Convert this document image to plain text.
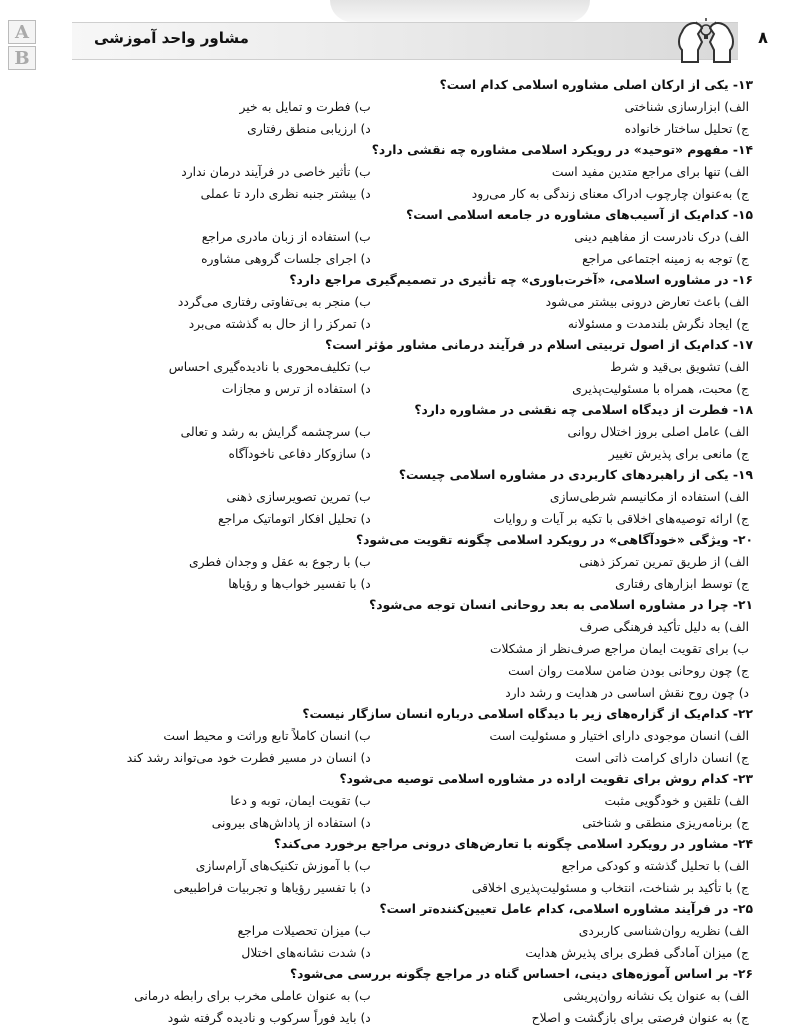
A
B
مشاور واحد آموزشی	۸
۱۳- یکی از ارکان اصلی مشاوره اسلامی کدام است؟
الف) ابزارسازی شناختی
ب) فطرت و تمایل به خیر
ج) تحلیل ساختار خانواده
د) ارزیابی منطق رفتاری
۱۴- مفهوم «توحید» در رویکرد اسلامی مشاوره چه نقشی دارد؟
الف) تنها برای مراجع متدین مفید است
ب) تأثیر خاصی در فرآیند درمان ندارد
ج) به‌عنوان چارچوب ادراک معنای زندگی به کار می‌رود
د) بیشتر جنبه نظری دارد تا عملی
۱۵- کدام‌یک از آسیب‌های مشاوره در جامعه اسلامی است؟
الف) درک نادرست از مفاهیم دینی
ب) استفاده از زبان مادری مراجع
ج) توجه به زمینه اجتماعی مراجع
د) اجرای جلسات گروهی مشاوره
۱۶- در مشاوره اسلامی، «آخرت‌باوری» چه تأثیری در تصمیم‌گیری مراجع دارد؟
الف) باعث تعارض درونی بیشتر می‌شود
ب) منجر به بی‌تفاوتی رفتاری می‌گردد
ج) ایجاد نگرش بلندمدت و مسئولانه
د) تمرکز را از حال به گذشته می‌برد
۱۷- کدام‌یک از اصول تربیتی اسلام در فرآیند درمانی مشاور مؤثر است؟
الف) تشویق بی‌قید و شرط
ب) تکلیف‌محوری با نادیده‌گیری احساس
ج) محبت، همراه با مسئولیت‌پذیری
د) استفاده از ترس و مجازات
۱۸- فطرت از دیدگاه اسلامی چه نقشی در مشاوره دارد؟
الف) عامل اصلی بروز اختلال روانی
ب) سرچشمه گرایش به رشد و تعالی
ج) مانعی برای پذیرش تغییر
د) سازوکار دفاعی ناخودآگاه
۱۹- یکی از راهبردهای کاربردی در مشاوره اسلامی چیست؟
الف) استفاده از مکانیسم شرطی‌سازی
ب) تمرین تصویرسازی ذهنی
ج) ارائه توصیه‌های اخلاقی با تکیه بر آیات و روایات
د) تحلیل افکار اتوماتیک مراجع
۲۰- ویژگی «خودآگاهی» در رویکرد اسلامی چگونه تقویت می‌شود؟
الف) از طریق تمرین تمرکز ذهنی
ب) با رجوع به عقل و وجدان فطری
ج) توسط ابزارهای رفتاری
د) با تفسیر خواب‌ها و رؤیاها
۲۱- چرا در مشاوره اسلامی به بعد روحانی انسان توجه می‌شود؟
الف) به دلیل تأکید فرهنگی صرف
ب) برای تقویت ایمان مراجع صرف‌نظر از مشکلات
ج) چون روحانی بودن ضامن سلامت روان است
د) چون روح نقش اساسی در هدایت و رشد دارد
۲۲- کدام‌یک از گزاره‌های زیر با دیدگاه اسلامی درباره انسان سازگار نیست؟
الف) انسان موجودی دارای اختیار و مسئولیت است
ب) انسان کاملاً تابع وراثت و محیط است
ج) انسان دارای کرامت ذاتی است
د) انسان در مسیر فطرت خود می‌تواند رشد کند
۲۳- کدام روش برای تقویت اراده در مشاوره اسلامی توصیه می‌شود؟
الف) تلقین و خودگویی مثبت
ب) تقویت ایمان، توبه و دعا
ج) برنامه‌ریزی منطقی و شناختی
د) استفاده از پاداش‌های بیرونی
۲۴- مشاور در رویکرد اسلامی چگونه با تعارض‌های درونی مراجع برخورد می‌کند؟
الف) با تحلیل گذشته و کودکی مراجع
ب) با آموزش تکنیک‌های آرام‌سازی
ج) با تأکید بر شناخت، انتخاب و مسئولیت‌پذیری اخلاقی
د) با تفسیر رؤیاها و تجربیات فراطبیعی
۲۵- در فرآیند مشاوره اسلامی، کدام عامل تعیین‌کننده‌تر است؟
الف) نظریه روان‌شناسی کاربردی
ب) میزان تحصیلات مراجع
ج) میزان آمادگی فطری برای پذیرش هدایت
د) شدت نشانه‌های اختلال
۲۶- بر اساس آموزه‌های دینی، احساس گناه در مراجع چگونه بررسی می‌شود؟
الف) به عنوان یک نشانه روان‌پریشی
ب) به عنوان عاملی مخرب برای رابطه درمانی
ج) به عنوان فرصتی برای بازگشت و اصلاح
د) باید فوراً سرکوب و نادیده گرفته شود
